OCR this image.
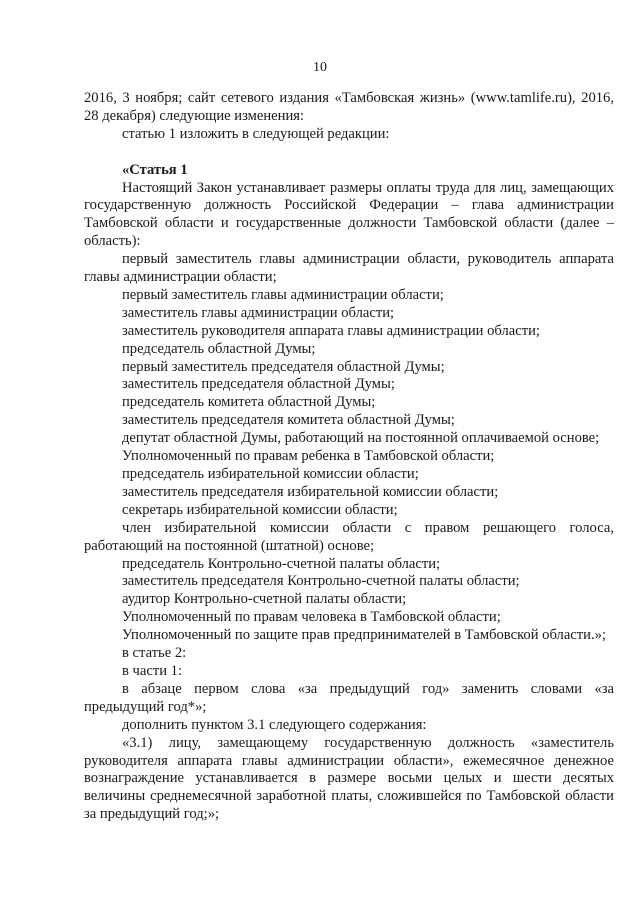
10

2016, 3 ноября; сайт сетевого издания «Тамбовская жизнь» (www.tamlife.ru), 2016, 28 декабря) следующие изменения:

статью 1 изложить в следующей редакции:

«Статья 1

Настоящий Закон устанавливает размеры оплаты труда для лиц, замещающих государственную должность Российской Федерации – глава администрации Тамбовской области и государственные должности Тамбовской области (далее – область):

первый заместитель главы администрации области, руководитель аппарата главы администрации области;

первый заместитель главы администрации области;

заместитель главы администрации области;

заместитель руководителя аппарата главы администрации области;

председатель областной Думы;

первый заместитель председателя областной Думы;

заместитель председателя областной Думы;

председатель комитета областной Думы;

заместитель председателя комитета областной Думы;

депутат областной Думы, работающий на постоянной оплачиваемой основе;

Уполномоченный по правам ребенка в Тамбовской области;

председатель избирательной комиссии области;

заместитель председателя избирательной комиссии области;

секретарь избирательной комиссии области;

член избирательной комиссии области с правом решающего голоса, работающий на постоянной (штатной) основе;

председатель Контрольно-счетной палаты области;

заместитель председателя Контрольно-счетной палаты области;

аудитор Контрольно-счетной палаты области;

Уполномоченный по правам человека в Тамбовской области;

Уполномоченный по защите прав предпринимателей в Тамбовской области.»;

в статье 2:

в части 1:

в абзаце первом слова «за предыдущий год» заменить словами «за предыдущий год*»;

дополнить пунктом 3.1 следующего содержания:

«3.1) лицу, замещающему государственную должность «заместитель руководителя аппарата главы администрации области», ежемесячное денежное вознаграждение устанавливается в размере восьми целых и шести десятых величины среднемесячной заработной платы, сложившейся по Тамбовской области за предыдущий год;»;
